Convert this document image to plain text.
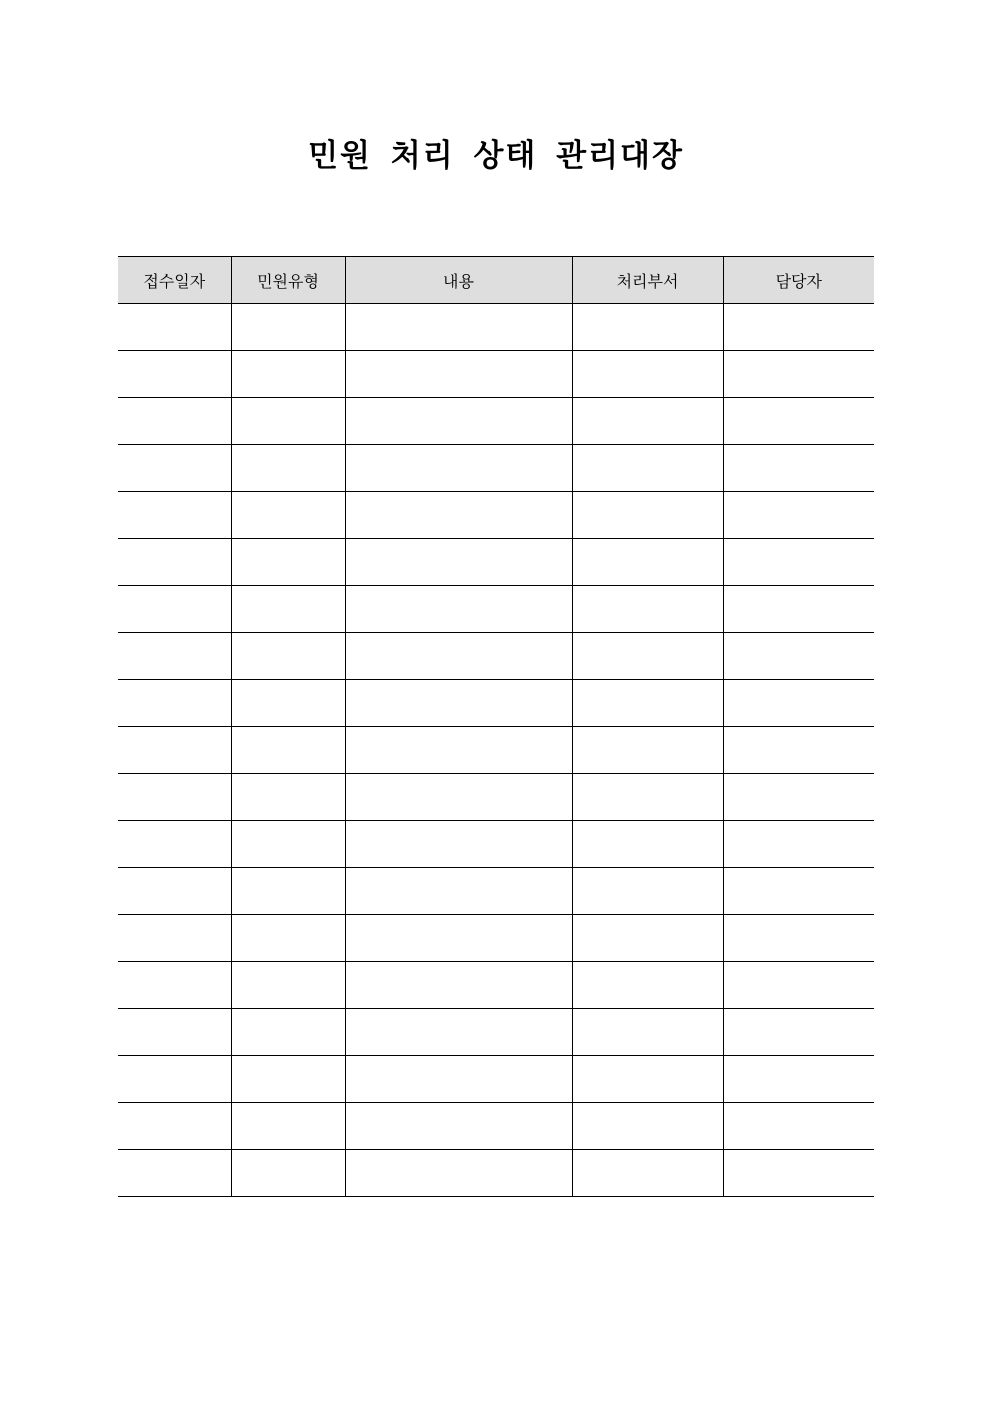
민원 처리 상태 관리대장
접수일자	민원유형	내용	처리부서	담당자
